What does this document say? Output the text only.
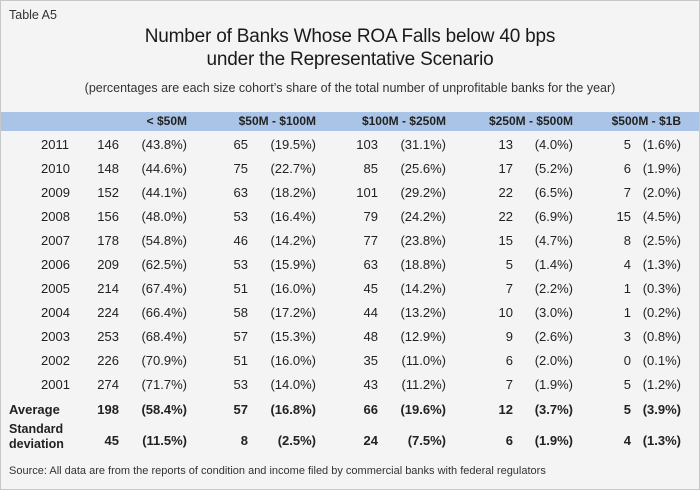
Table A5
Number of Banks Whose ROA Falls below 40 bps
under the Representative Scenario
(percentages are each size cohort’s share of the total number of unprofitable banks for the year)
< $50M	$50M - $100M	$100M - $250M	$250M - $500M	$500M - $1B
2011	146	(43.8%)	65	(19.5%)	103	(31.1%)	13	(4.0%)	5 (1.6%)
2010	148	(44.6%)	75	(22.7%)	85	(25.6%)	17	(5.2%)	6 (1.9%)
2009	152	(44.1%)	63	(18.2%)	101	(29.2%)	22	(6.5%)	7 (2.0%)
2008	156	(48.0%)	53	(16.4%)	79	(24.2%)	22	(6.9%)	15 (4.5%)
2007	178	(54.8%)	46	(14.2%)	77	(23.8%)	15	(4.7%)	8 (2.5%)
2006	209	(62.5%)	53	(15.9%)	63	(18.8%)	5	(1.4%)	4 (1.3%)
2005	214	(67.4%)	51	(16.0%)	45	(14.2%)	7	(2.2%)	1 (0.3%)
2004	224	(66.4%)	58	(17.2%)	44	(13.2%)	10	(3.0%)	1 (0.2%)
2003	253	(68.4%)	57	(15.3%)	48	(12.9%)	9	(2.6%)	3 (0.8%)
2002	226	(70.9%)	51	(16.0%)	35	(11.0%)	6	(2.0%)	0 (0.1%)
2001	274	(71.7%)	53	(14.0%)	43	(11.2%)	7	(1.9%)	5 (1.2%)
Average	198	(58.4%)	57	(16.8%)	66	(19.6%)	12	(3.7%)	5 (3.9%)
Standard
deviation	45	(11.5%)	8	(2.5%)	24	(7.5%)	6	(1.9%)	4 (1.3%)
Source: All data are from the reports of condition and income filed by commercial banks with federal regulators
